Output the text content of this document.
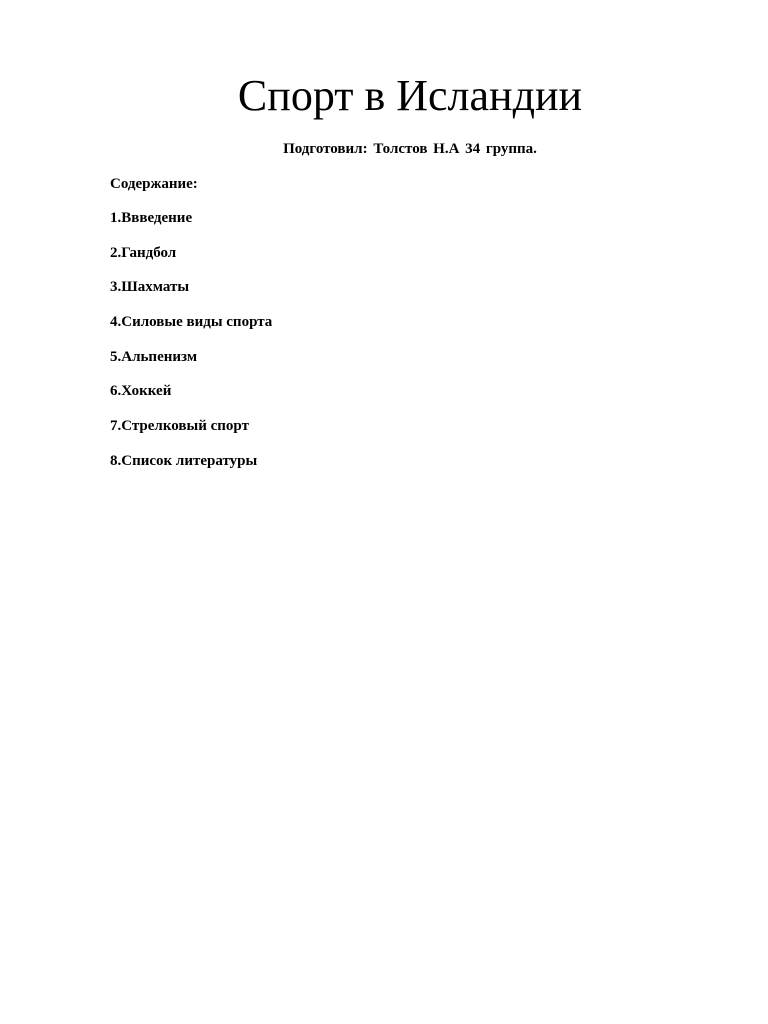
Спорт в Исландии
Подготовил: Толстов Н.А 34 группа.
Содержание:
1.Ввведение
2.Гандбол
3.Шахматы
4.Силовые виды спорта
5.Альпенизм
6.Хоккей
7.Стрелковый спорт
8.Список литературы
